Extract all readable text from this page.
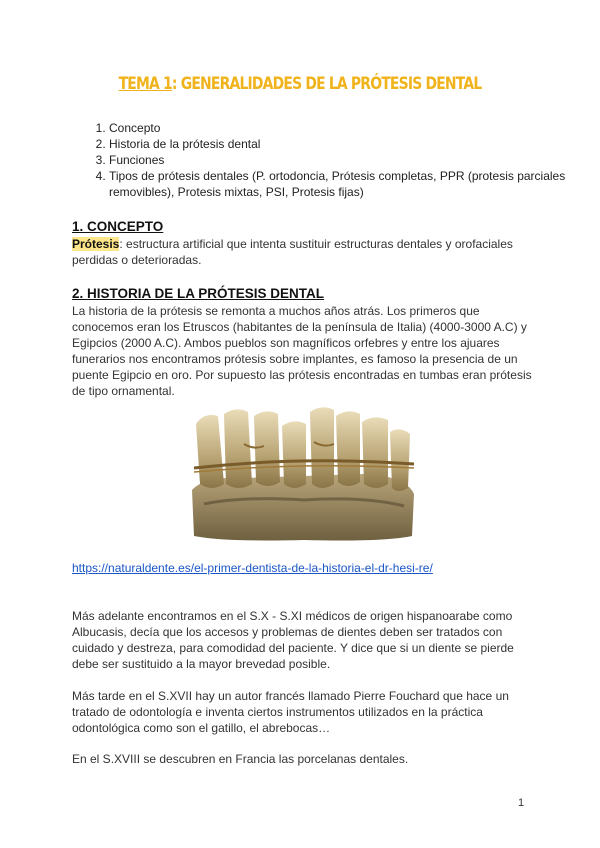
TEMA 1: GENERALIDADES DE LA PRÓTESIS DENTAL
1. Concepto
2. Historia de la prótesis dental
3. Funciones
4. Tipos de prótesis dentales (P. ortodoncia, Prótesis completas, PPR (protesis parciales removibles), Protesis mixtas, PSI, Protesis fijas)
1. CONCEPTO
Prótesis: estructura artificial que intenta sustituir estructuras dentales y orofaciales perdidas o deterioradas.
2. HISTORIA DE LA PRÓTESIS DENTAL
La historia de la prótesis se remonta a muchos años atrás. Los primeros que conocemos eran los Etruscos (habitantes de la península de Italia) (4000-3000 A.C) y Egipcios (2000 A.C). Ambos pueblos son magníficos orfebres y entre los ajuares funerarios nos encontramos prótesis sobre implantes, es famoso la presencia de un puente Egipcio en oro. Por supuesto las prótesis encontradas en tumbas eran prótesis de tipo ornamental.
https://naturaldente.es/el-primer-dentista-de-la-historia-el-dr-hesi-re/
Más adelante encontramos en el S.X - S.XI médicos de origen hispanoarabe como Albucasis, decía que los accesos y problemas de dientes deben ser tratados con cuidado y destreza, para comodidad del paciente. Y dice que si un diente se pierde debe ser sustituido a la mayor brevedad posible.
Más tarde en el S.XVII hay un autor francés llamado Pierre Fouchard que hace un tratado de odontología e inventa ciertos instrumentos utilizados en la práctica odontológica como son el gatillo, el abrebocas…
En el S.XVIII se descubren en Francia las porcelanas dentales.
1
